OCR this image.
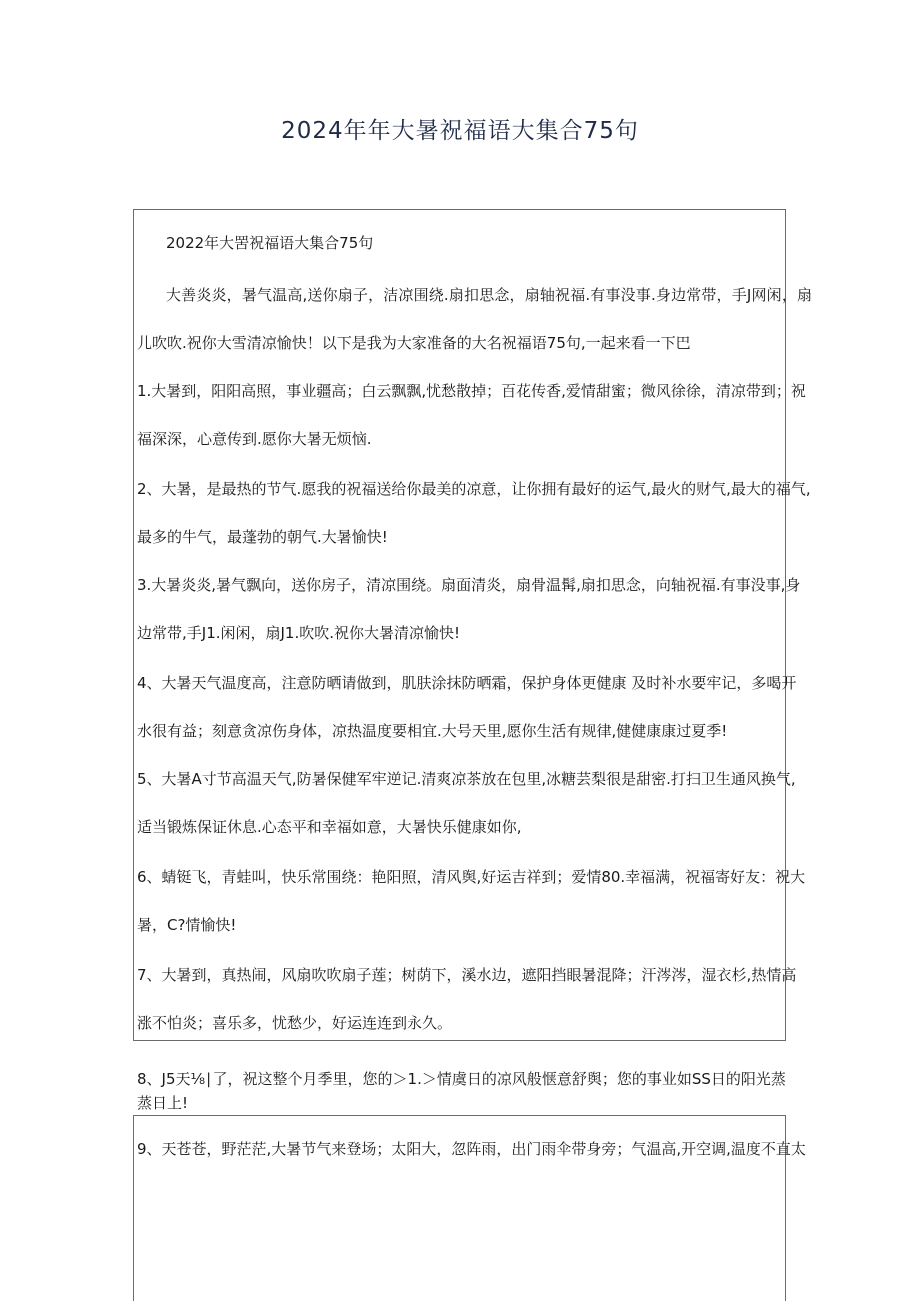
2024年年大暑祝福语大集合75句
2022年大罟祝福语大集合75句
大善炎炎，暑气温高,送你扇子，洁凉围绕.扇扣思念，扇轴祝福.有事没事.身边常带，手J网闲，扇
儿吹吹.祝你大雪清凉愉快！以下是我为大家准备的大名祝福语75句,一起来看一下巴
1.大暑到，阳阳高照，事业疆高；白云飘飘,忧愁散掉；百花传香,爱情甜蜜；微风徐徐，清凉带到；祝
福深深，心意传到.愿你大暑无烦恼.
2、大暑，是最热的节气.愿我的祝福送给你最美的凉意，让你拥有最好的运气,最火的财气,最大的福气,
最多的牛气，最蓬勃的朝气.大暑愉快!
3.大暑炎炎,暑气飘向，送你房子，清凉围绕。扇面清炎，扇骨温髯,扇扣思念，向轴祝福.有事没事,身
边常带,手J1.闲闲，扇J1.吹吹.祝你大暑清凉愉快!
4、大暑天气温度高，注意防晒请做到，肌肤涂抹防晒霜，保护身体更健康 及时补水要牢记，多喝开
水很有益；刻意贪凉伤身体，凉热温度要相宜.大号天里,愿你生活有规律,健健康康过夏季!
5、大暑A寸节高温天气,防暑保健军牢逆记.清爽凉茶放在包里,冰糖芸梨很是甜密.打扫卫生通风换气,
适当锻炼保证休息.心态平和幸福如意，大暑快乐健康如你,
6、蜻铤飞，青蛙叫，快乐常围绕：艳阳照，清风舆,好运吉祥到；爱情80.幸福满，祝福寄好友：祝大
暑，C?情愉快!
7、大暑到，真热闹，风扇吹吹扇子莲；树荫下，溪水边，遮阳挡眼暑混降；汗涔涔，湿衣杉,热情高
涨不怕炎；喜乐多，忧愁少，好运连连到永久。
8、J5天⅛∣了，祝这整个月季里，您的＞1.＞情虞日的凉风般惬意舒舆；您的事业如SS日的阳光蒸
蒸日上!
9、天苍苍，野茫茫,大暑节气来登场；太阳大，忽阵雨，出门雨伞带身旁；气温高,开空调,温度不直太
